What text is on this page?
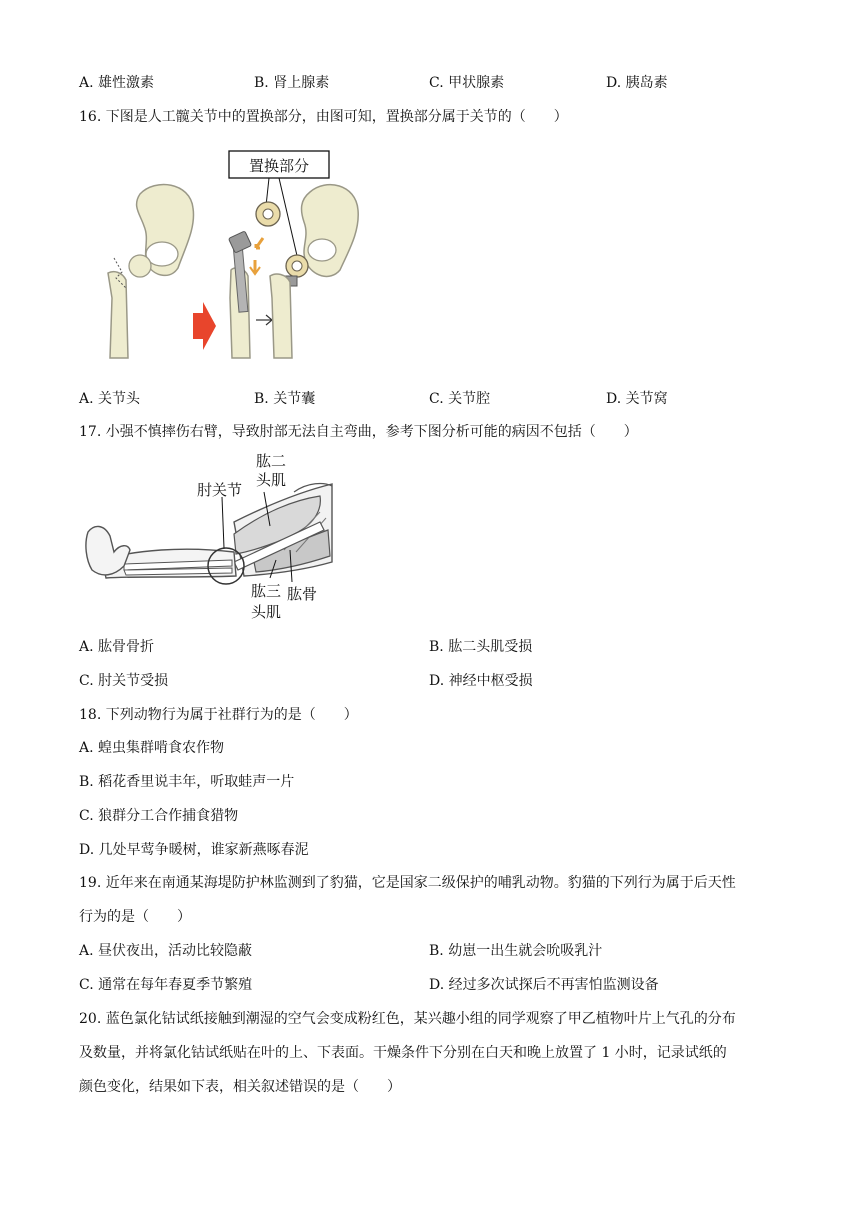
A. 雄性激素	B. 肾上腺素	C. 甲状腺素	D. 胰岛素
16. 下图是人工髋关节中的置换部分，由图可知，置换部分属于关节的（　　）
置换部分
A. 关节头	B. 关节囊	C. 关节腔	D. 关节窝
17. 小强不慎摔伤右臂，导致肘部无法自主弯曲，参考下图分析可能的病因不包括（　　）
肘关节
肱二
头肌
肱三
头肌
肱骨
A. 肱骨骨折	B. 肱二头肌受损
C. 肘关节受损	D. 神经中枢受损
18. 下列动物行为属于社群行为的是（　　）
A. 蝗虫集群啃食农作物
B. 稻花香里说丰年，听取蛙声一片
C. 狼群分工合作捕食猎物
D. 几处早莺争暖树，谁家新燕啄春泥
19. 近年来在南通某海堤防护林监测到了豹猫，它是国家二级保护的哺乳动物。豹猫的下列行为属于后天性
行为的是（　　）
A. 昼伏夜出，活动比较隐蔽	B. 幼崽一出生就会吮吸乳汁
C. 通常在每年春夏季节繁殖	D. 经过多次试探后不再害怕监测设备
20. 蓝色氯化钴试纸接触到潮湿的空气会变成粉红色，某兴趣小组的同学观察了甲乙植物叶片上气孔的分布
及数量，并将氯化钴试纸贴在叶的上、下表面。干燥条件下分别在白天和晚上放置了 1 小时，记录试纸的
颜色变化，结果如下表，相关叙述错误的是（　　）
